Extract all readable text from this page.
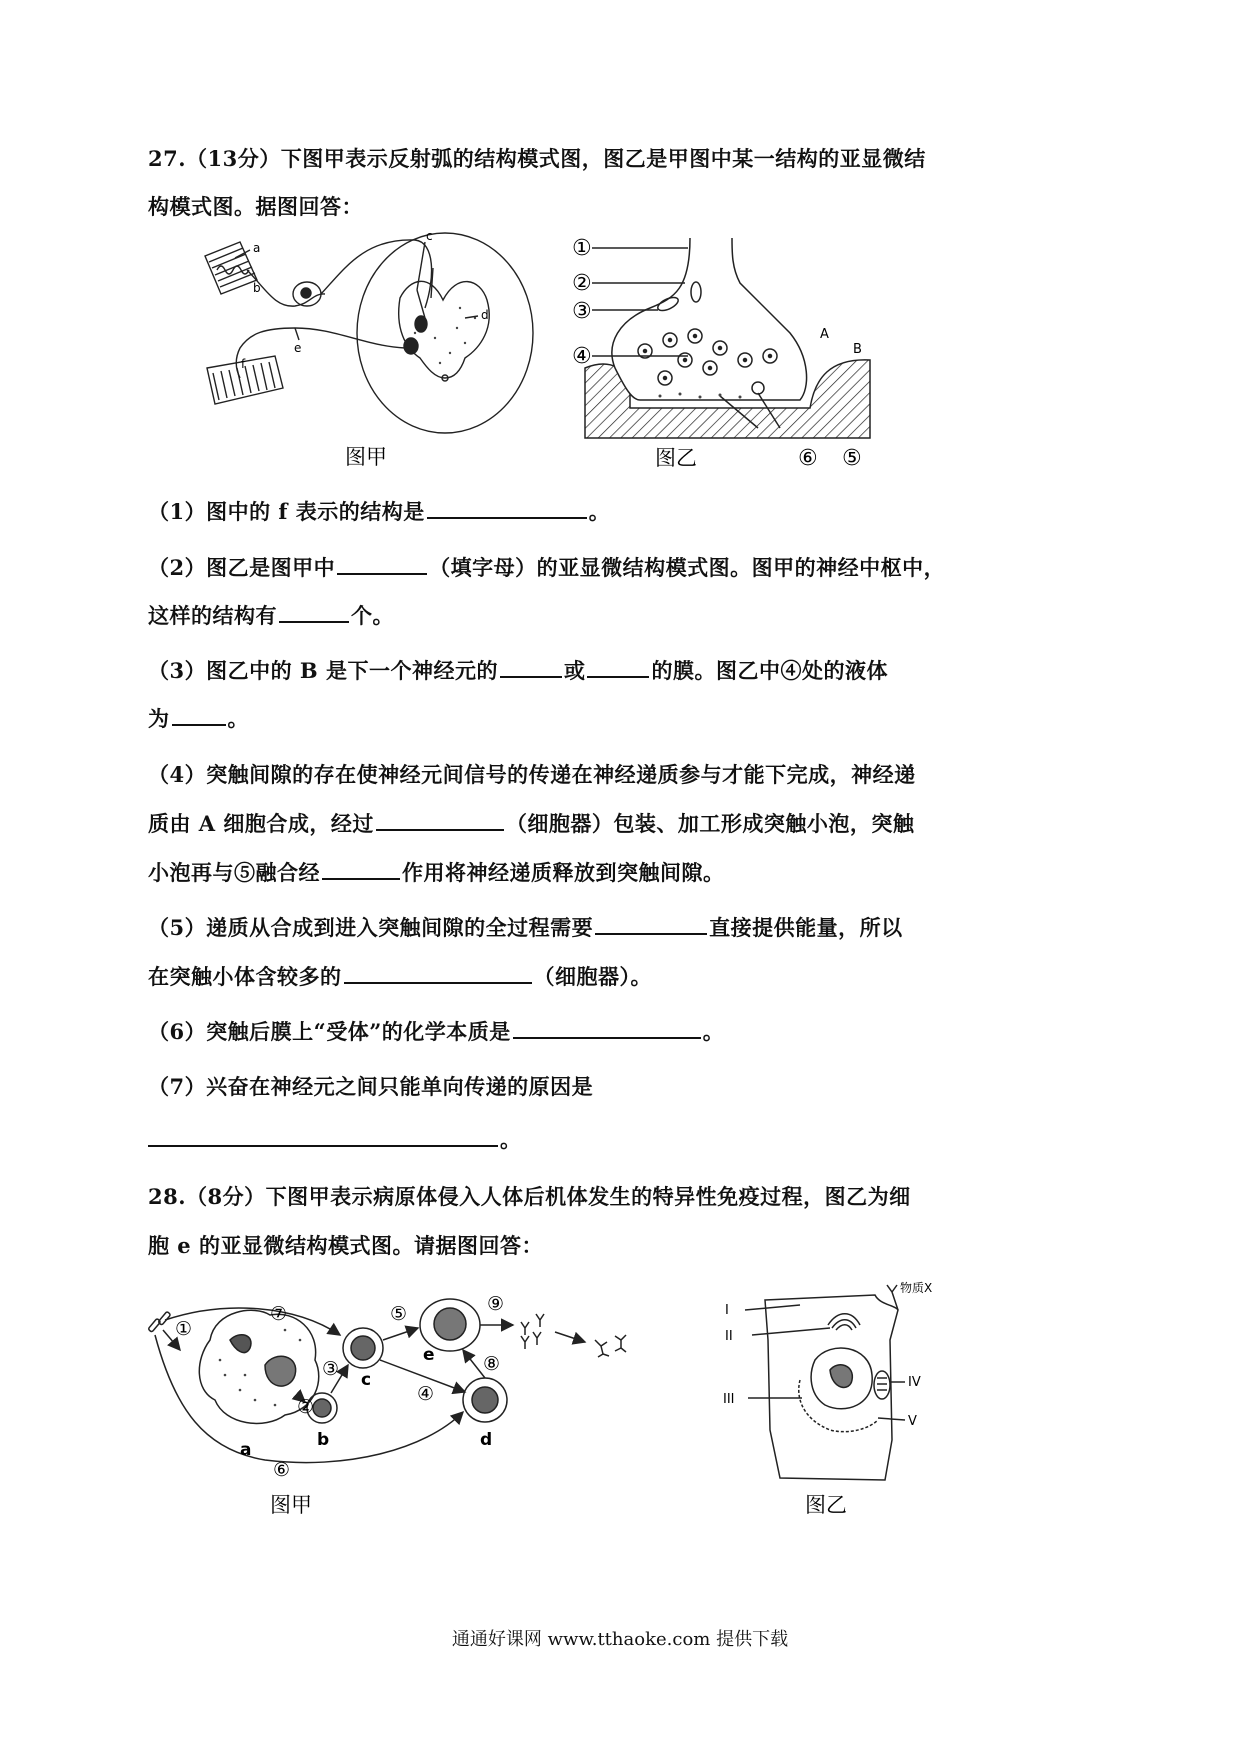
27.（13分）下图甲表示反射弧的结构模式图，图乙是甲图中某一结构的亚显微结
构模式图。据图回答：
a
b
c
d
e
f
图甲
①
②
③
④
A
B
图乙	⑥ ⑤
（1）图中的 f 表示的结构是	。
（2）图乙是图甲中	（填字母）的亚显微结构模式图。图甲的神经中枢中，
这样的结构有	个。
（3）图乙中的 B 是下一个神经元的	或	的膜。图乙中④处的液体
为	。
（4）突触间隙的存在使神经元间信号的传递在神经递质参与才能下完成，神经递
质由 A 细胞合成，经过	（细胞器）包装、加工形成突触小泡，突触
小泡再与⑤融合经	作用将神经递质释放到突触间隙。
（5）递质从合成到进入突触间隙的全过程需要	直接提供能量，所以
在突触小体含较多的	（细胞器）。
（6）突触后膜上“受体”的化学本质是	。
（7）兴奋在神经元之间只能单向传递的原因是
。
28.（8分）下图甲表示病原体侵入人体后机体发生的特异性免疫过程，图乙为细
胞 e 的亚显微结构模式图。请据图回答：
①
②
③
④
⑤
⑥
⑦
⑧
⑨
a	b
c
d
e
图甲
I
II
III
IV
V
物质X
图乙
通通好课网 www.tthaoke.com 提供下载
